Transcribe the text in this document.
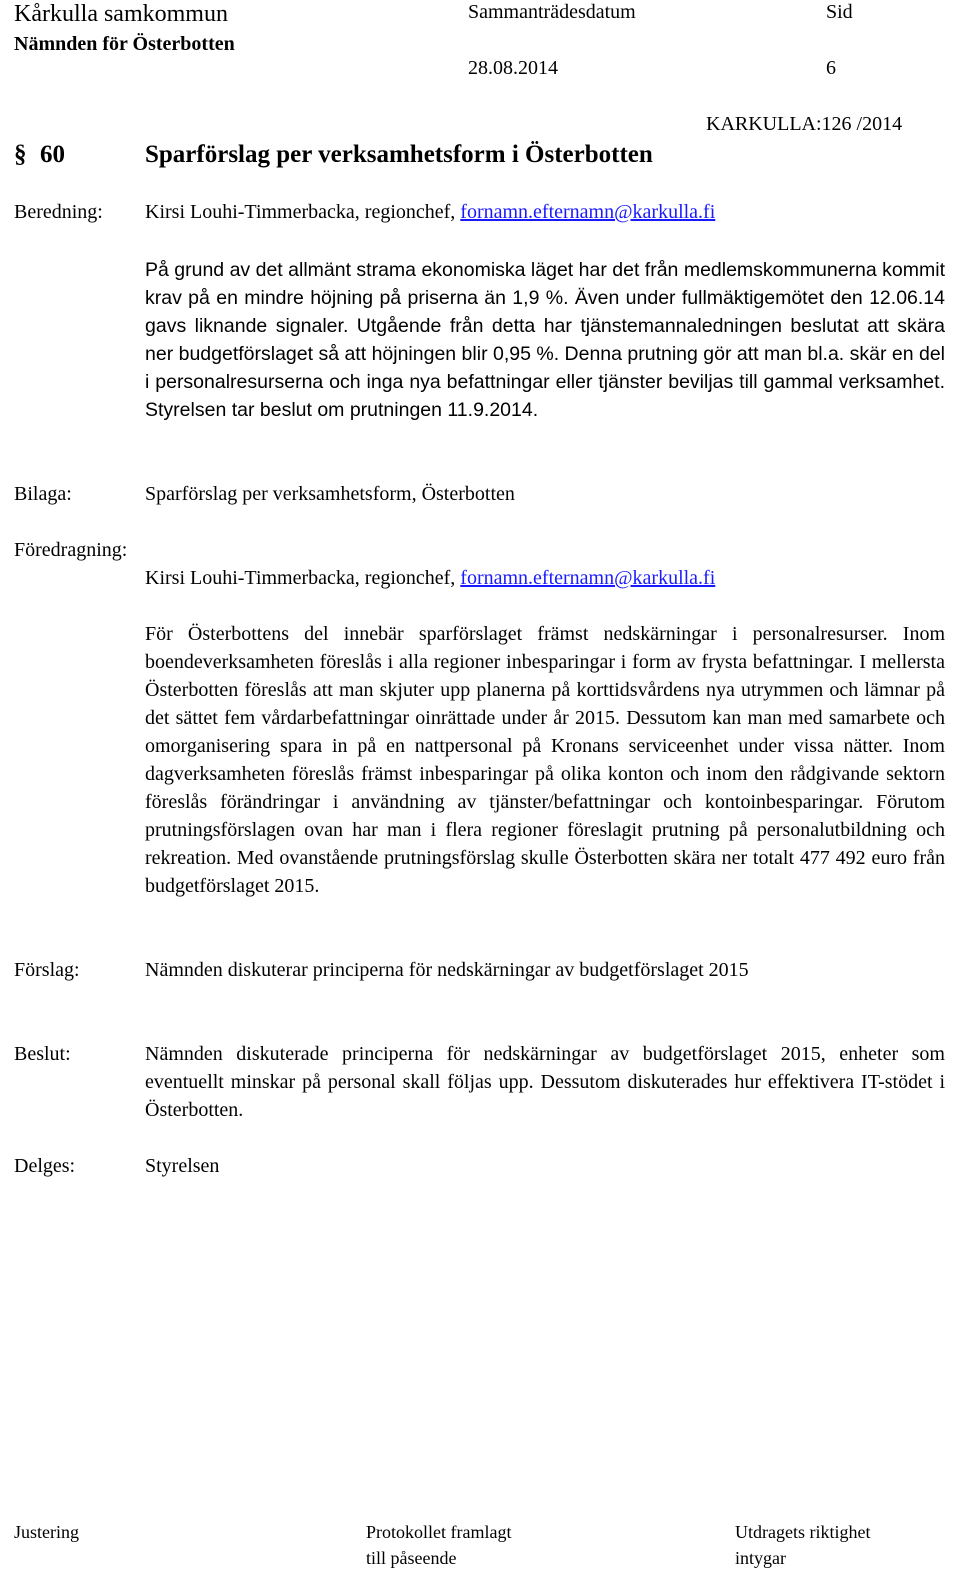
Kårkulla samkommun
Nämnden för Österbotten
Sammanträdesdatum
28.08.2014
Sid
6
KARKULLA:126 /2014
§ 60	Sparförslag per verksamhetsform i Österbotten
Beredning: Kirsi Louhi-Timmerbacka, regionchef, fornamn.efternamn@karkulla.fi
På grund av det allmänt strama ekonomiska läget har det från medlemskommunerna kommit krav på en mindre höjning på priserna än 1,9 %. Även under fullmäktigemötet den 12.06.14 gavs liknande signaler. Utgående från detta har tjänstemannaledningen beslutat att skära ner budgetförslaget så att höjningen blir 0,95 %. Denna prutning gör att man bl.a. skär en del i personalresurserna och inga nya befattningar eller tjänster beviljas till gammal verksamhet. Styrelsen tar beslut om prutningen 11.9.2014.
Bilaga:	Sparförslag per verksamhetsform, Österbotten
Föredragning:
Kirsi Louhi-Timmerbacka, regionchef, fornamn.efternamn@karkulla.fi
För Österbottens del innebär sparförslaget främst nedskärningar i personalresurser. Inom boendeverksamheten föreslås i alla regioner inbesparingar i form av frysta befattningar. I mellersta Österbotten föreslås att man skjuter upp planerna på korttidsvårdens nya utrymmen och lämnar på det sättet fem vårdarbefattningar oinrättade under år 2015. Dessutom kan man med samarbete och omorganisering spara in på en nattpersonal på Kronans serviceenhet under vissa nätter. Inom dagverksamheten föreslås främst inbesparingar på olika konton och inom den rådgivande sektorn föreslås förändringar i användning av tjänster/befattningar och kontoinbesparingar. Förutom prutningsförslagen ovan har man i flera regioner föreslagit prutning på personalutbildning och rekreation. Med ovanstående prutningsförslag skulle Österbotten skära ner totalt 477 492 euro från budgetförslaget 2015.
Förslag:	Nämnden diskuterar principerna för nedskärningar av budgetförslaget 2015
Beslut:	Nämnden diskuterade principerna för nedskärningar av budgetförslaget 2015, enheter som eventuellt minskar på personal skall följas upp. Dessutom diskuterades hur effektivera IT-stödet i Österbotten.
Delges:	Styrelsen
Justering	Protokollet framlagt
till påseende
Utdragets riktighet
intygar
